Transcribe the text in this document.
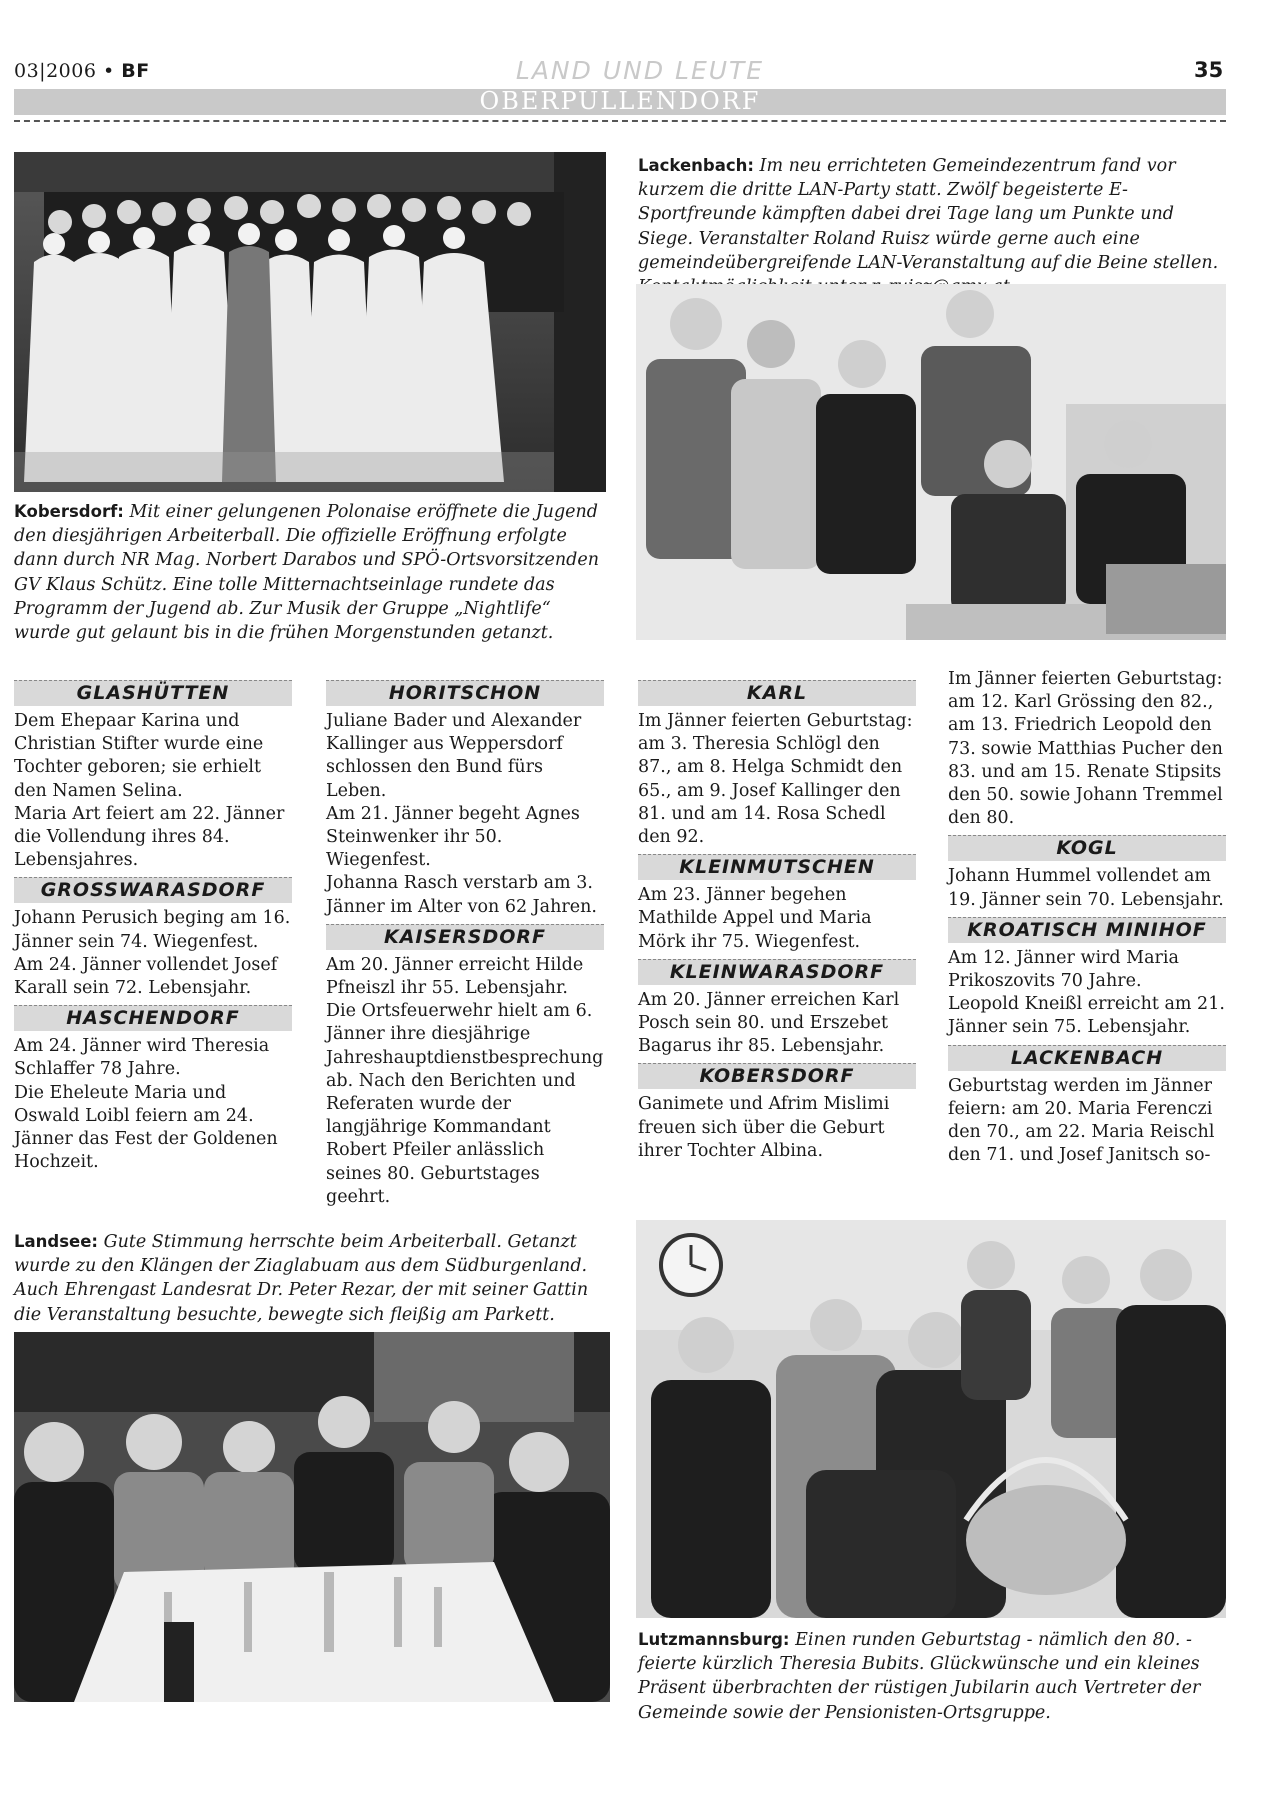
03|2006 • BF	LAND UND LEUTE	35
OBERPULLENDORF
Lackenbach: Im neu errichteten Gemeindezentrum fand vor kurzem die dritte LAN-Party statt. Zwölf begeisterte E-Sportfreunde kämpften dabei drei Tage lang um Punkte und Siege. Veranstalter Roland Ruisz würde gerne auch eine gemeindeübergreifende LAN-Veranstaltung auf die Beine stellen.
Kobersdorf: Mit einer gelungenen Polonaise eröffnete die Jugend den diesjährigen Arbeiterball. Die offizielle Eröffnung erfolgte dann durch NR Mag. Norbert Darabos und SPÖ-Ortsvorsitzenden GV Klaus Schütz. Eine tolle Mitternachtseinlage rundete das Programm der Jugend ab. Zur Musik der Gruppe „Nightlife“ wurde gut gelaunt bis in die frühen Morgenstunden getanzt.
GLASHÜTTEN

Dem Ehepaar Karina und Christian Stifter wurde eine Tochter geboren; sie erhielt den Namen Selina.

Maria Art feiert am 22. Jänner die Vollendung ihres 84. Lebensjahres.

GROSSWARASDORF

Johann Perusich beging am 16. Jänner sein 74. Wiegenfest.

Am 24. Jänner vollendet Josef Karall sein 72. Lebensjahr.

HASCHENDORF

Am 24. Jänner wird Theresia Schlaffer 78 Jahre.

Die Eheleute Maria und Oswald Loibl feiern am 24. Jänner das Fest der Goldenen Hochzeit.

HORITSCHON

Juliane Bader und Alexander Kallinger aus Weppersdorf schlossen den Bund fürs Leben.

Am 21. Jänner begeht Agnes Steinwenker ihr 50. Wiegenfest.

Johanna Rasch verstarb am 3. Jänner im Alter von 62 Jahren.

KAISERSDORF

Am 20. Jänner erreicht Hilde Pfneiszl ihr 55. Lebensjahr.

Die Ortsfeuerwehr hielt am 6. Jänner ihre diesjährige Jahreshauptdienstbesprechung ab. Nach den Berichten und Referaten wurde der langjährige Kommandant Robert Pfeiler anlässlich seines 80. Geburtstages geehrt.

KARL

Im Jänner feierten Geburtstag: am 3. Theresia Schlögl den 87., am 8. Helga Schmidt den 65., am 9. Josef Kallinger den 81. und am 14. Rosa Schedl den 92.

KLEINMUTSCHEN

Am 23. Jänner begehen Mathilde Appel und Maria Mörk ihr 75. Wiegenfest.

KLEINWARASDORF

Am 20. Jänner erreichen Karl Posch sein 80. und Erszebet Bagarus ihr 85. Lebensjahr.

KOBERSDORF

Ganimete und Afrim Mislimi freuen sich über die Geburt ihrer Tochter Albina.

Im Jänner feierten Geburtstag: am 12. Karl Grössing den 82., am 13. Friedrich Leopold den 73. sowie Matthias Pucher den 83. und am 15. Renate Stipsits den 50. sowie Johann Tremmel den 80.

KOGL

Johann Hummel vollendet am 19. Jänner sein 70. Lebensjahr.

KROATISCH MINIHOF

Am 12. Jänner wird Maria Prikoszovits 70 Jahre.

Leopold Kneißl erreicht am 21. Jänner sein 75. Lebensjahr.

LACKENBACH

Geburtstag werden im Jänner feiern: am 20. Maria Ferenczi den 70., am 22. Maria Reischl den 71. und Josef Janitsch so-

Landsee: Gute Stimmung herrschte beim Arbeiterball. Getanzt wurde zu den Klängen der Ziaglabuam aus dem Südburgenland. Auch Ehrengast Landesrat Dr. Peter Rezar, der mit seiner Gattin die Veranstaltung besuchte, bewegte sich fleißig am Parkett.
Lutzmannsburg: Einen runden Geburtstag - nämlich den 80. - feierte kürzlich Theresia Bubits. Glückwünsche und ein kleines Präsent überbrachten der rüstigen Jubilarin auch Vertreter der Gemeinde sowie der Pensionisten-Ortsgruppe.
